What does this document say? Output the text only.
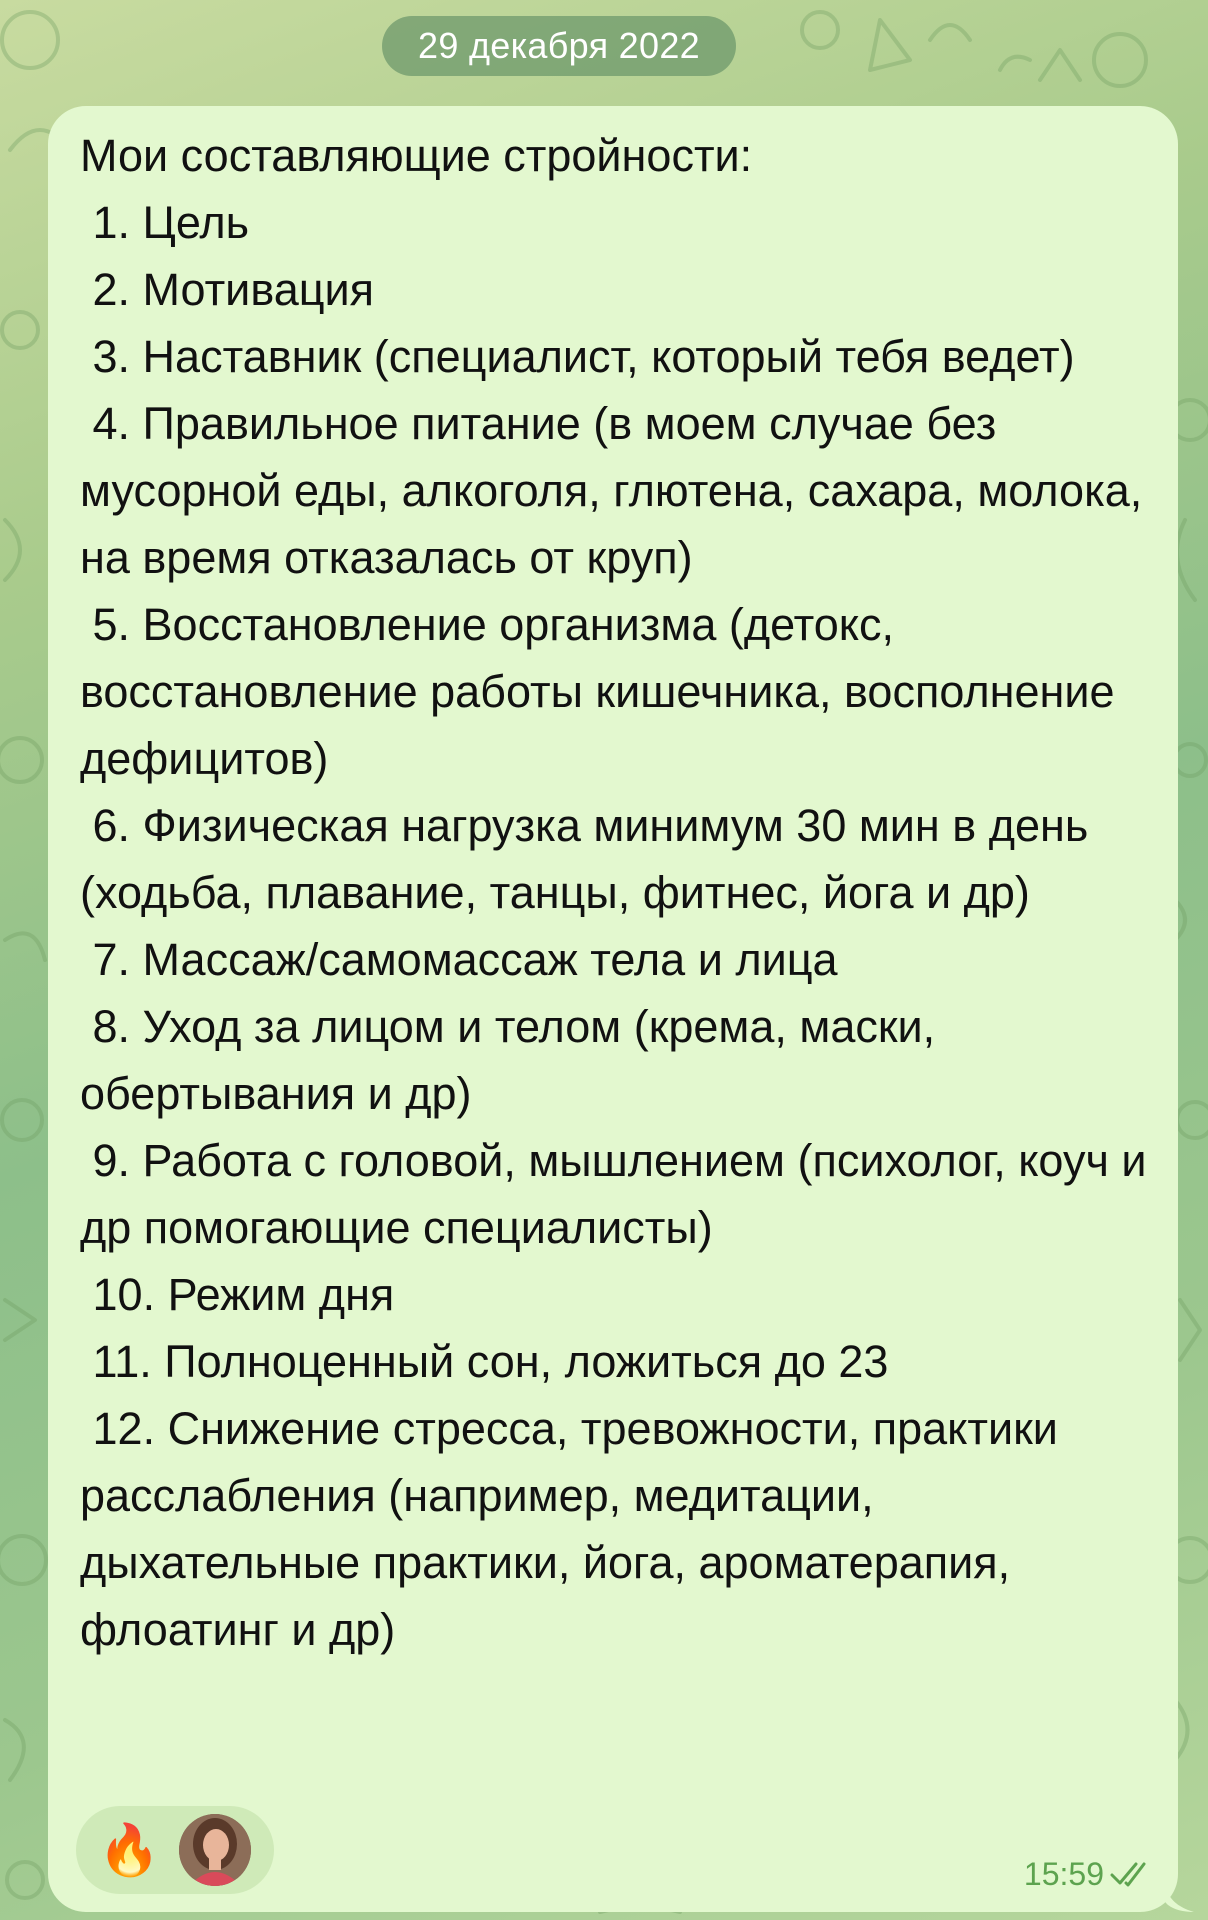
29 декабря 2022
Мои составляющие стройности:
1. Цель
2. Мотивация
3. Наставник (специалист, который тебя ведет)
4. Правильное питание (в моем случае без мусорной еды, алкоголя, глютена, сахара, молока, на время отказалась от круп)
5. Восстановление организма (детокс, восстановление работы кишечника, восполнение дефицитов)
6. Физическая нагрузка минимум 30 мин в день (ходьба, плавание, танцы, фитнес, йога и др)
7. Массаж/самомассаж тела и лица
8. Уход за лицом и телом (крема, маски, обертывания и др)
9. Работа с головой, мышлением (психолог, коуч и др помогающие специалисты)
10. Режим дня
11. Полноценный сон, ложиться до 23
12. Снижение стресса, тревожности, практики расслабления (например, медитации, дыхательные практики, йога, ароматерапия, флоатинг и др)
🔥	15:59
